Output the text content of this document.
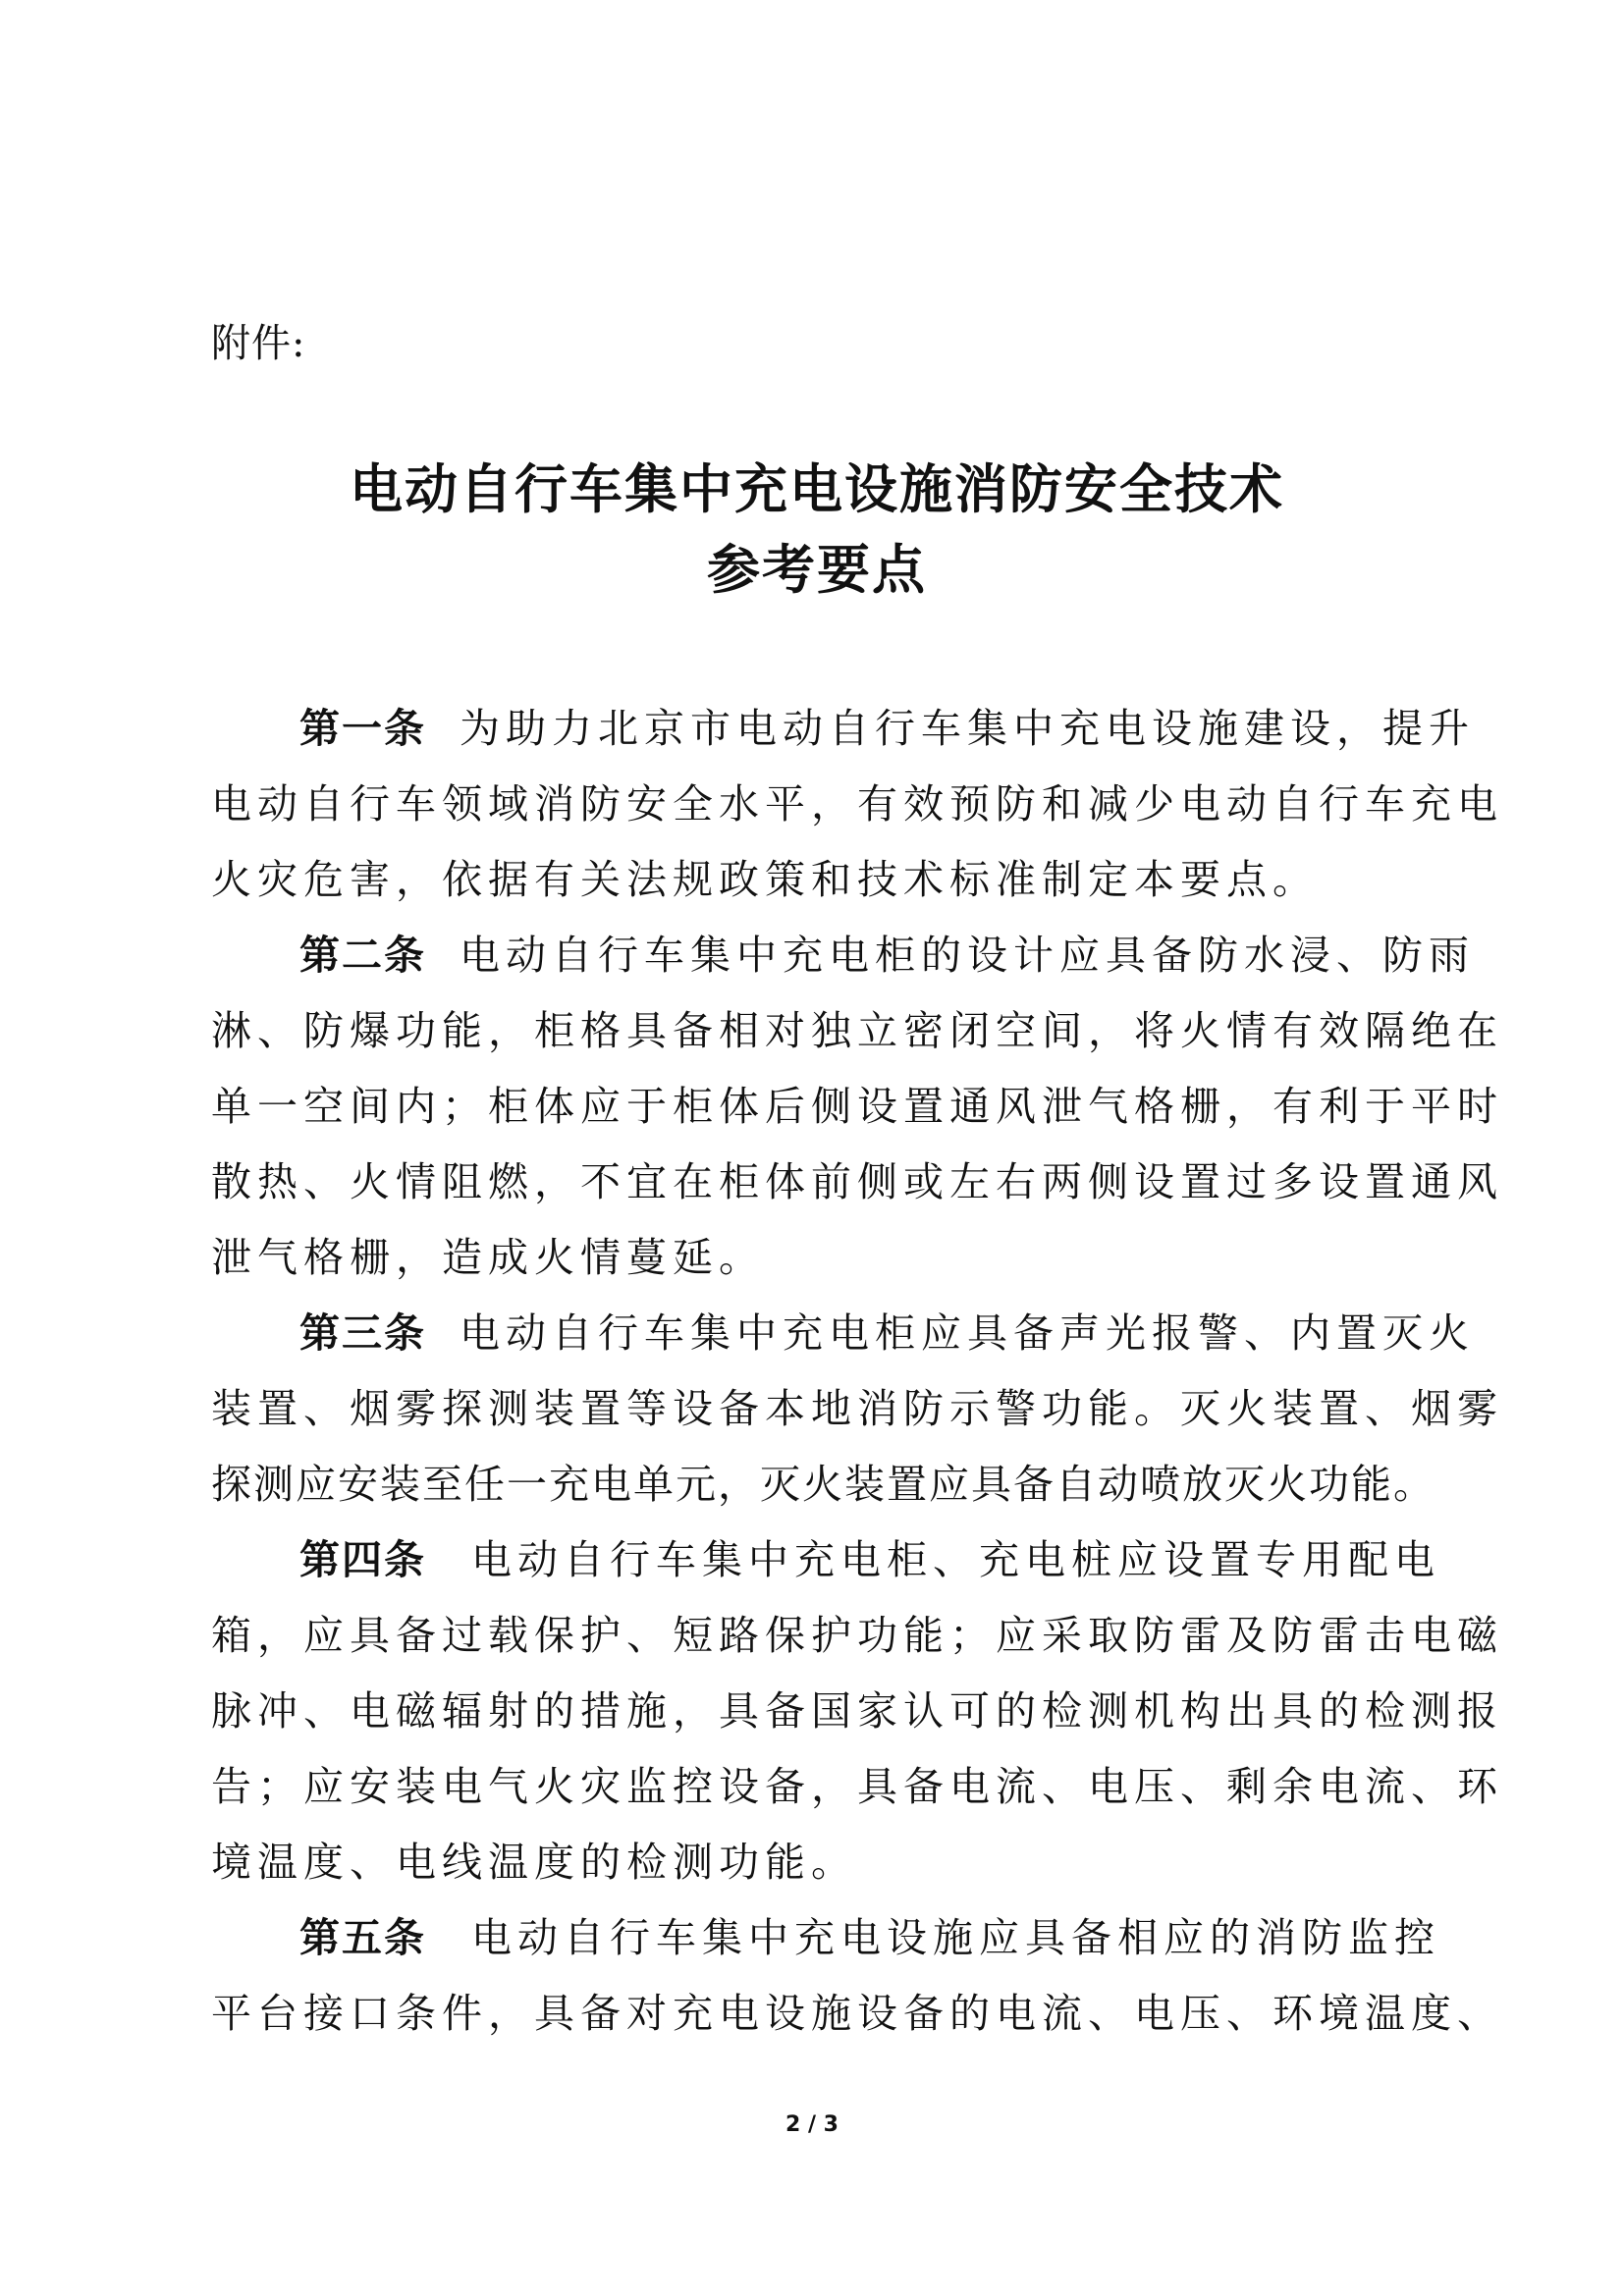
附件:
电动自行车集中充电设施消防安全技术
参考要点
第一条 为助力北京市电动自行车集中充电设施建设，提升
电动自行车领域消防安全水平，有效预防和减少电动自行车充电
火灾危害，依据有关法规政策和技术标准制定本要点。
第二条 电动自行车集中充电柜的设计应具备防水浸、防雨
淋、防爆功能，柜格具备相对独立密闭空间，将火情有效隔绝在
单一空间内；柜体应于柜体后侧设置通风泄气格栅，有利于平时
散热、火情阻燃，不宜在柜体前侧或左右两侧设置过多设置通风
泄气格栅，造成火情蔓延。
第三条 电动自行车集中充电柜应具备声光报警、内置灭火
装置、烟雾探测装置等设备本地消防示警功能。灭火装置、烟雾
探测应安装至任一充电单元，灭火装置应具备自动喷放灭火功能。
第四条 电动自行车集中充电柜、充电桩应设置专用配电
箱，应具备过载保护、短路保护功能；应采取防雷及防雷击电磁
脉冲、电磁辐射的措施，具备国家认可的检测机构出具的检测报
告；应安装电气火灾监控设备，具备电流、电压、剩余电流、环
境温度、电线温度的检测功能。
第五条 电动自行车集中充电设施应具备相应的消防监控
平台接口条件，具备对充电设施设备的电流、电压、环境温度、
2 / 3
